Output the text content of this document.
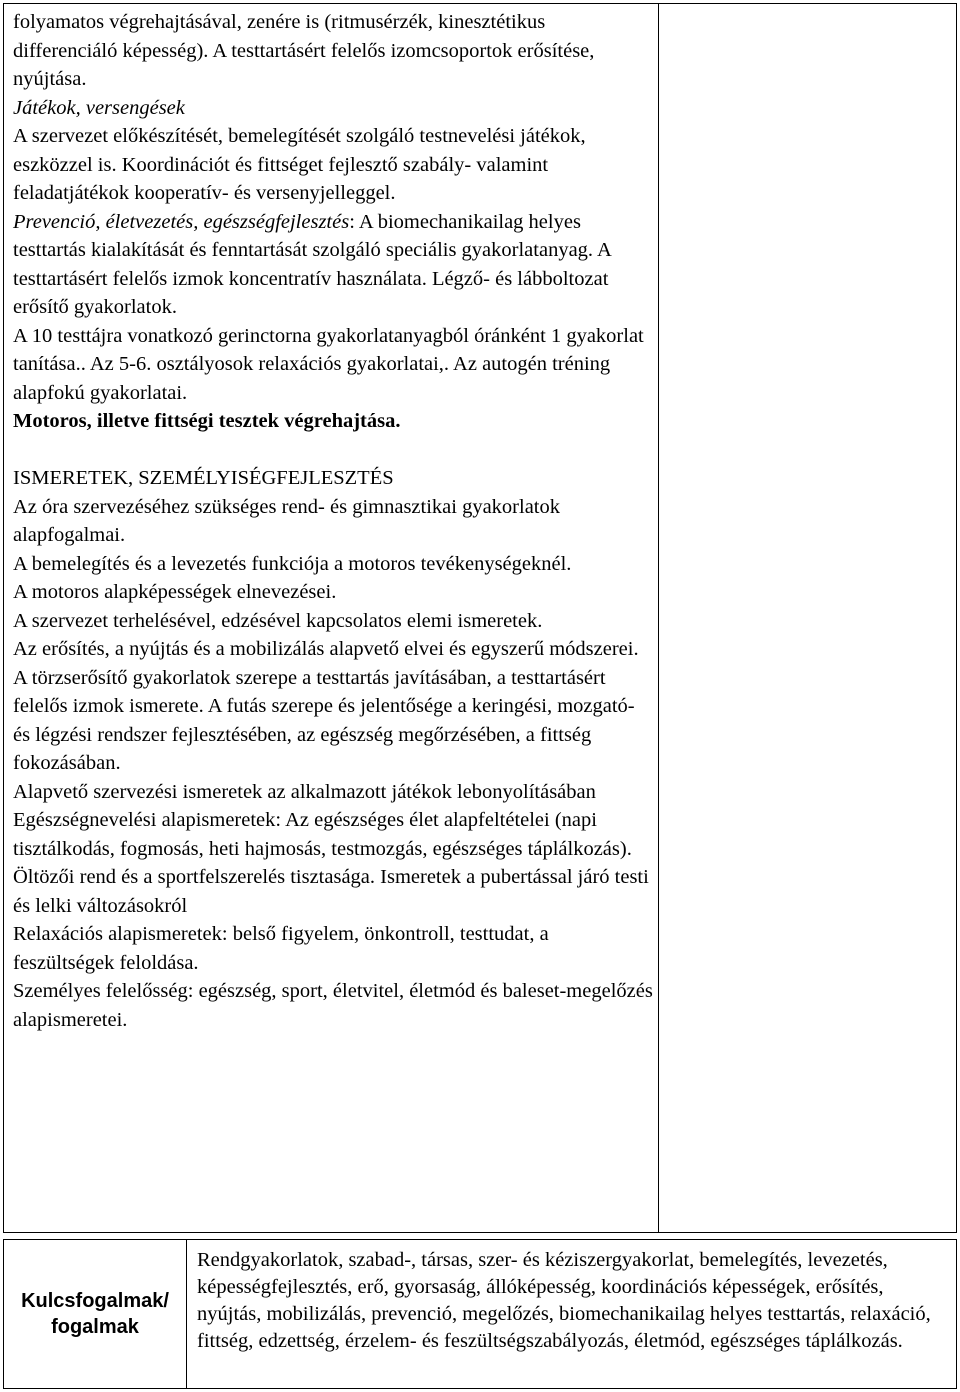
folyamatos végrehajtásával, zenére is (ritmusérzék, kinesztétikus differenciáló képesség). A testtartásért felelős izomcsoportok erősítése, nyújtása.

Játékok, versengések

A szervezet előkészítését, bemelegítését szolgáló testnevelési játékok, eszközzel is. Koordinációt és fittséget fejlesztő szabály- valamint feladatjátékok kooperatív- és versenyjelleggel.

Prevenció, életvezetés, egészségfejlesztés: A biomechanikailag helyes testtartás kialakítását és fenntartását szolgáló speciális gyakorlatanyag. A testtartásért felelős izmok koncentratív használata. Légző- és lábboltozat erősítő gyakorlatok.

A 10 testtájra vonatkozó gerinctorna gyakorlatanyagból óránként 1 gyakorlat tanítása.. Az 5-6. osztályosok relaxációs gyakorlatai,. Az autogén tréning alapfokú gyakorlatai.

Motoros, illetve fittségi tesztek végrehajtása.

ISMERETEK, SZEMÉLYISÉGFEJLESZTÉS

Az óra szervezéséhez szükséges rend- és gimnasztikai gyakorlatok alapfogalmai.

A bemelegítés és a levezetés funkciója a motoros tevékenységeknél.

A motoros alapképességek elnevezései.

A szervezet terhelésével, edzésével kapcsolatos elemi ismeretek.

Az erősítés, a nyújtás és a mobilizálás alapvető elvei és egyszerű módszerei.

A törzserősítő gyakorlatok szerepe a testtartás javításában, a testtartásért felelős izmok ismerete. A futás szerepe és jelentősége a keringési, mozgató- és légzési rendszer fejlesztésében, az egészség megőrzésében, a fittség fokozásában.

Alapvető szervezési ismeretek az alkalmazott játékok lebonyolításában

Egészségnevelési alapismeretek: Az egészséges élet alapfeltételei (napi tisztálkodás, fogmosás, heti hajmosás, testmozgás, egészséges táplálkozás). Öltözői rend és a sportfelszerelés tisztasága. Ismeretek a pubertással járó testi és lelki változásokról

Relaxációs alapismeretek: belső figyelem, önkontroll, testtudat, a feszültségek feloldása.

Személyes felelősség: egészség, sport, életvitel, életmód és baleset-megelőzés alapismeretei.

Kulcsfogalmak/
fogalmak
Rendgyakorlatok, szabad-, társas, szer- és kéziszergyakorlat, bemelegítés, levezetés, képességfejlesztés, erő, gyorsaság, állóképesség, koordinációs képességek, erősítés, nyújtás, mobilizálás, prevenció, megelőzés, biomechanikailag helyes testtartás, relaxáció, fittség, edzettség, érzelem- és feszültségszabályozás, életmód, egészséges táplálkozás.
